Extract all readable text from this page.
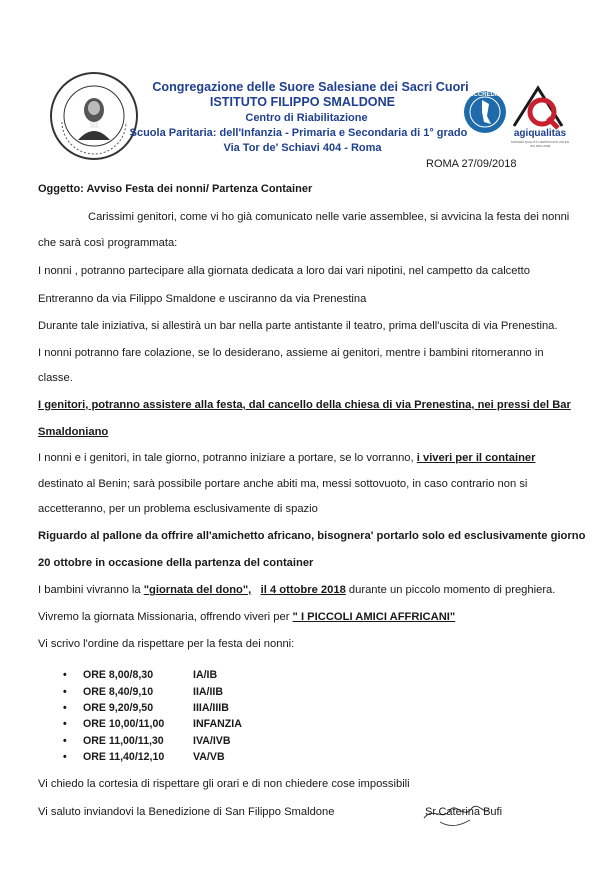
Congregazione delle Suore Salesiane dei Sacri Cuori
ISTITUTO FILIPPO SMALDONE
Centro di Riabilitazione
Scuola Paritaria: dell'Infanzia - Primaria e Secondaria di 1° grado
Via Tor de' Schiavi 404 - Roma
ACCREDIA
agiqualitas
SISTEMA QUALITÀ CERTIFICATO UNI EN ISO 9001:2008
ROMA 27/09/2018
Oggetto: Avviso Festa dei nonni/ Partenza Container
Carissimi genitori, come vi ho già comunicato nelle varie assemblee, si avvicina la festa dei nonni
che sarà così programmata:
I nonni , potranno partecipare alla giornata dedicata a loro dai vari nipotini, nel campetto da calcetto
Entreranno da via Filippo Smaldone e usciranno da via Prenestina
Durante tale iniziativa, si allestirà un bar nella parte antistante il teatro, prima dell'uscita di via Prenestina.
I nonni potranno fare colazione, se lo desiderano, assieme ai genitori, mentre i bambini ritorneranno in
classe.
I genitori, potranno assistere alla festa, dal cancello della chiesa di via Prenestina, nei pressi del Bar
Smaldoniano
I nonni e i genitori, in tale giorno, potranno iniziare a portare, se lo vorranno, i viveri per il container
destinato al Benin; sarà possibile portare anche abiti ma, messi sottovuoto, in caso contrario non si
accetteranno, per un problema esclusivamente di spazio
Riguardo al pallone da offrire all'amichetto africano, bisognera' portarlo solo ed esclusivamente giorno
20 ottobre in occasione della partenza del container
I bambini vivranno la "giornata del dono", il 4 ottobre 2018 durante un piccolo momento di preghiera.
Vivremo la giornata Missionaria, offrendo viveri per " I PICCOLI AMICI AFFRICANI"
Vi scrivo l'ordine da rispettare per la festa dei nonni:
• ORE 8,00/8,30	IA/IB
• ORE 8,40/9,10	IIA/IIB
• ORE 9,20/9,50	IIIA/IIIB
• ORE 10,00/11,00	INFANZIA
• ORE 11,00/11,30	IVA/IVB
• ORE 11,40/12,10	VA/VB
Vi chiedo la cortesia di rispettare gli orari e di non chiedere cose impossibili
Vi saluto inviandovi la Benedizione di San Filippo Smaldone	Sr.Caterina Bufi
